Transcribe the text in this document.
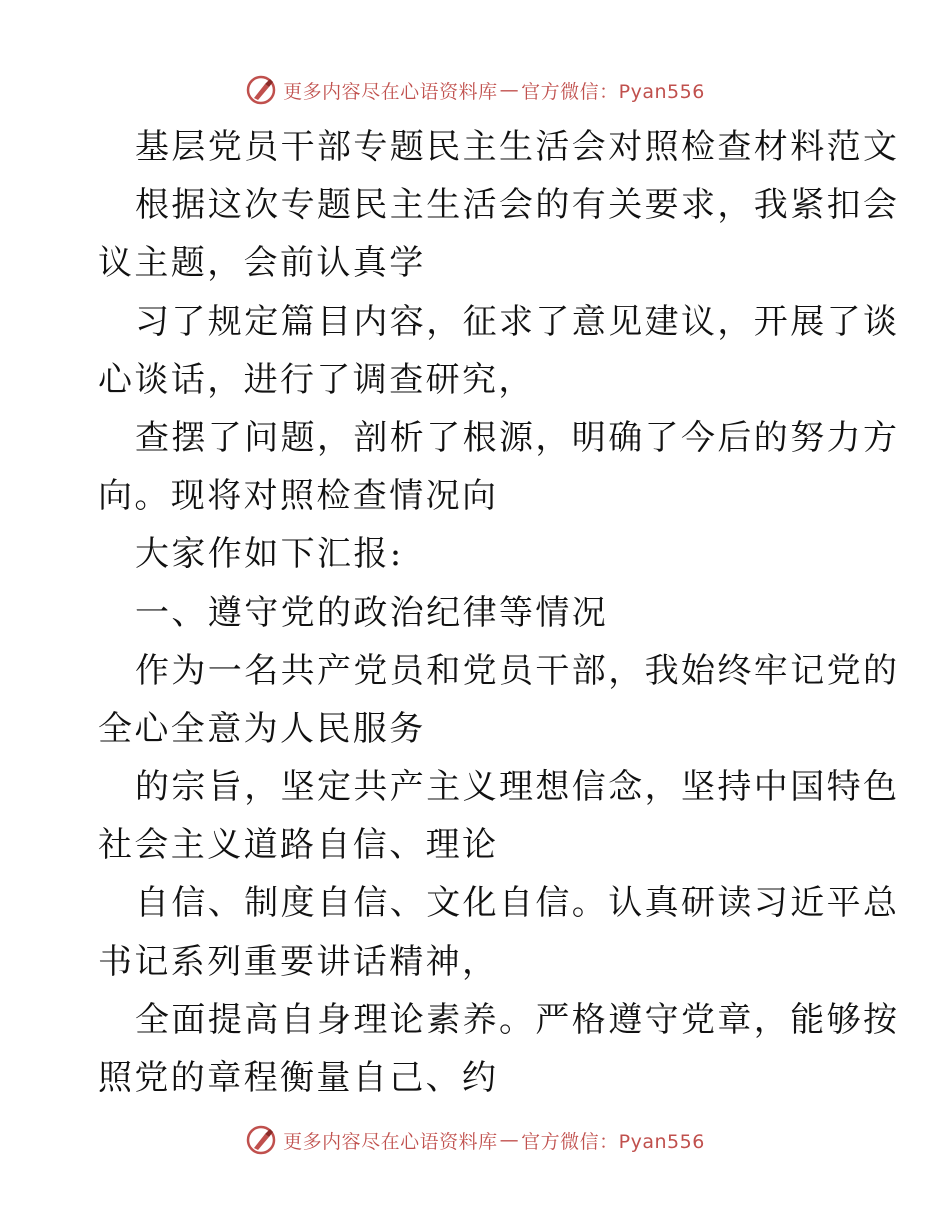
更多内容尽在心语资料库 — 官方微信：Pyan556
基层党员干部专题民主生活会对照检查材料范文
根据这次专题民主生活会的有关要求，我紧扣会
议主题，会前认真学
习了规定篇目内容，征求了意见建议，开展了谈
心谈话，进行了调查研究，
查摆了问题，剖析了根源，明确了今后的努力方
向。现将对照检查情况向
大家作如下汇报:
一、遵守党的政治纪律等情况
作为一名共产党员和党员干部，我始终牢记党的
全心全意为人民服务
的宗旨，坚定共产主义理想信念，坚持中国特色
社会主义道路自信、理论
自信、制度自信、文化自信。认真研读习近平总
书记系列重要讲话精神，
全面提高自身理论素养。严格遵守党章，能够按
照党的章程衡量自己、约
更多内容尽在心语资料库 — 官方微信：Pyan556
